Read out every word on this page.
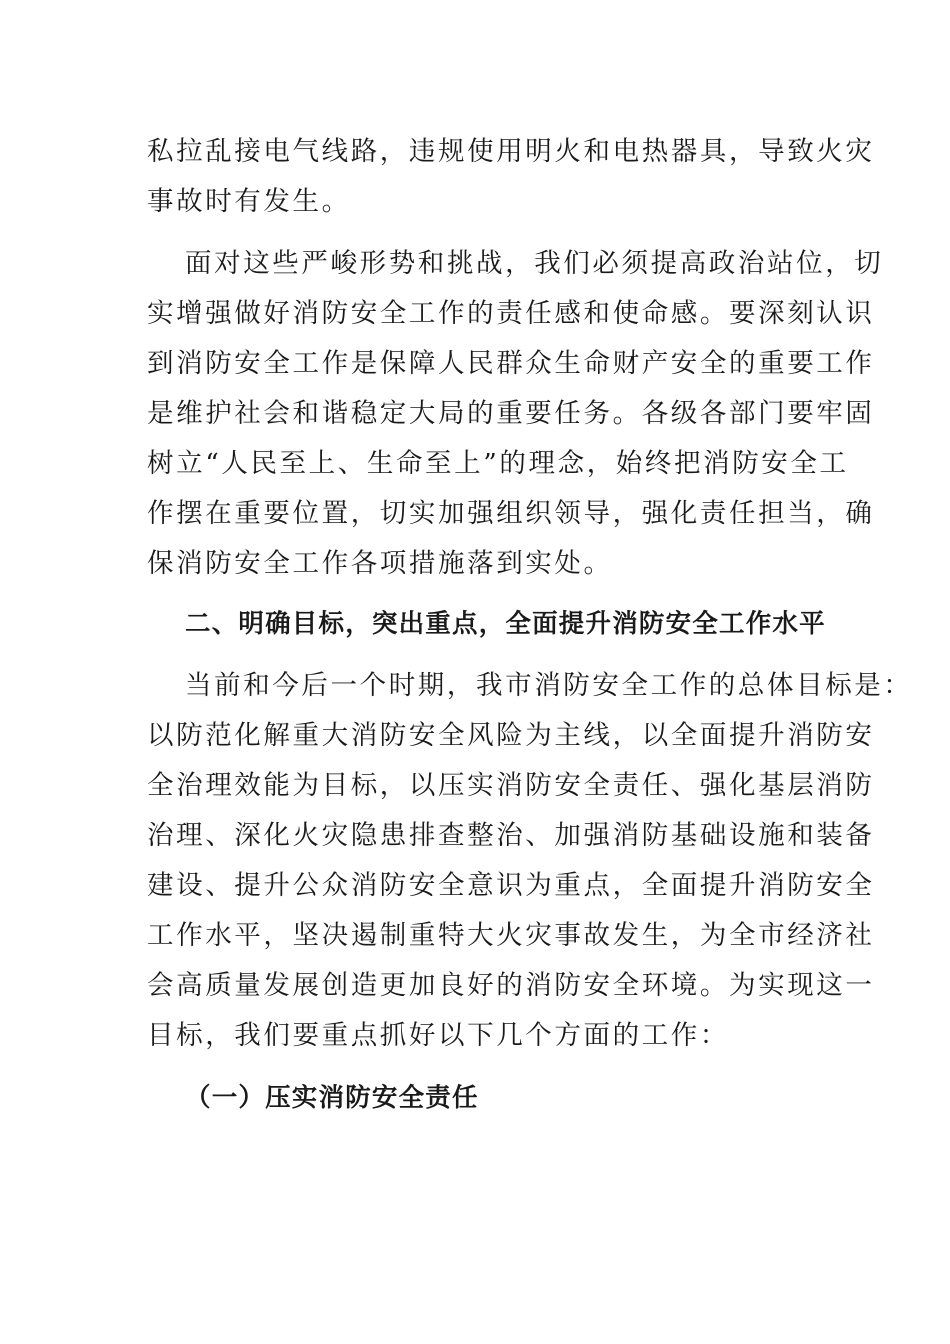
私拉乱接电气线路，违规使用明火和电热器具，导致火灾
事故时有发生。
面对这些严峻形势和挑战，我们必须提高政治站位，切
实增强做好消防安全工作的责任感和使命感。要深刻认识
到消防安全工作是保障人民群众生命财产安全的重要工作
是维护社会和谐稳定大局的重要任务。各级各部门要牢固
树立“人民至上、生命至上”的理念，始终把消防安全工
作摆在重要位置，切实加强组织领导，强化责任担当，确
保消防安全工作各项措施落到实处。
二、明确目标，突出重点，全面提升消防安全工作水平
当前和今后一个时期，我市消防安全工作的总体目标是：
以防范化解重大消防安全风险为主线，以全面提升消防安
全治理效能为目标，以压实消防安全责任、强化基层消防
治理、深化火灾隐患排查整治、加强消防基础设施和装备
建设、提升公众消防安全意识为重点，全面提升消防安全
工作水平，坚决遏制重特大火灾事故发生，为全市经济社
会高质量发展创造更加良好的消防安全环境。为实现这一
目标，我们要重点抓好以下几个方面的工作：
（一）压实消防安全责任
